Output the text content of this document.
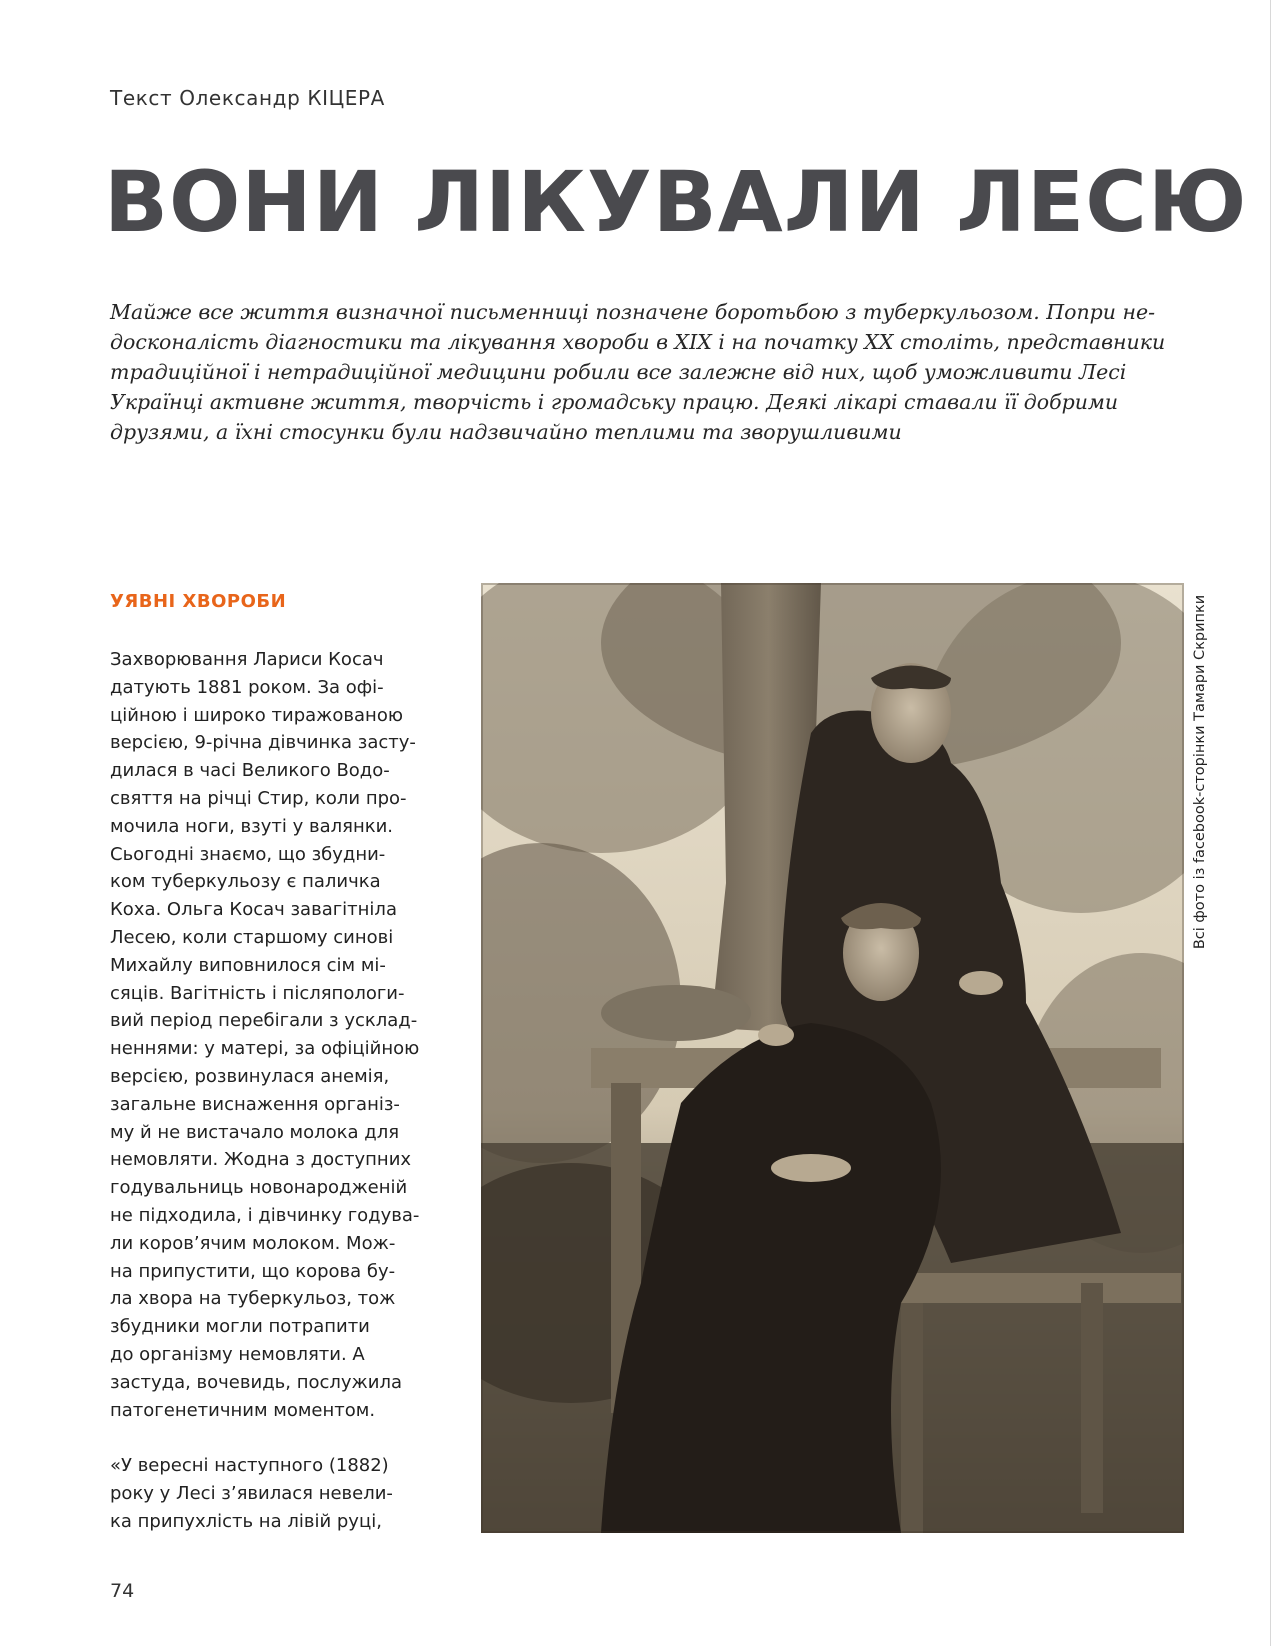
Текст Олександр КІЦЕРА
ВОНИ ЛІКУВАЛИ ЛЕСЮ

Майже все життя визначної письменниці позначене боротьбою з туберкульозом. Попри не-

досконалість діагностики та лікування хвороби в XIX і на початку XX століть, представники

традиційної і нетрадиційної медицини робили все залежне від них, щоб уможливити Лесі

Українці активне життя, творчість і громадську працю. Деякі лікарі ставали її добрими

друзями, а їхні стосунки були надзвичайно теплими та зворушливими

УЯВНІ ХВОРОБИ
Захворювання Лариси Косач
датують 1881 роком. За офі-
ційною і широко тиражованою
версією, 9-річна дівчинка засту-
дилася в часі Великого Водо-
свяття на річці Стир, коли про-
мочила ноги, взуті у валянки.
Сьогодні знаємо, що збудни-
ком туберкульозу є паличка
Коха. Ольга Косач завагітніла
Лесею, коли старшому синові
Михайлу виповнилося сім мі-
сяців. Вагітність і післяпологи-
вий період перебігали з усклад-
неннями: у матері, за офіційною
версією, розвинулася анемія,
загальне виснаження організ-
му й не вистачало молока для
немовляти. Жодна з доступних
годувальниць новонародженій
не підходила, і дівчинку годува-
ли коров’ячим молоком. Мож-
на припустити, що корова бу-
ла хвора на туберкульоз, тож
збудники могли потрапити
до організму немовляти. А
застуда, вочевидь, послужила
патогенетичним моментом.
«У вересні наступного (1882)
року у Лесі з’явилася невели-
ка припухлість на лівій руці,
Всі фото із facebook-сторінки Тамари Скрипки
74
